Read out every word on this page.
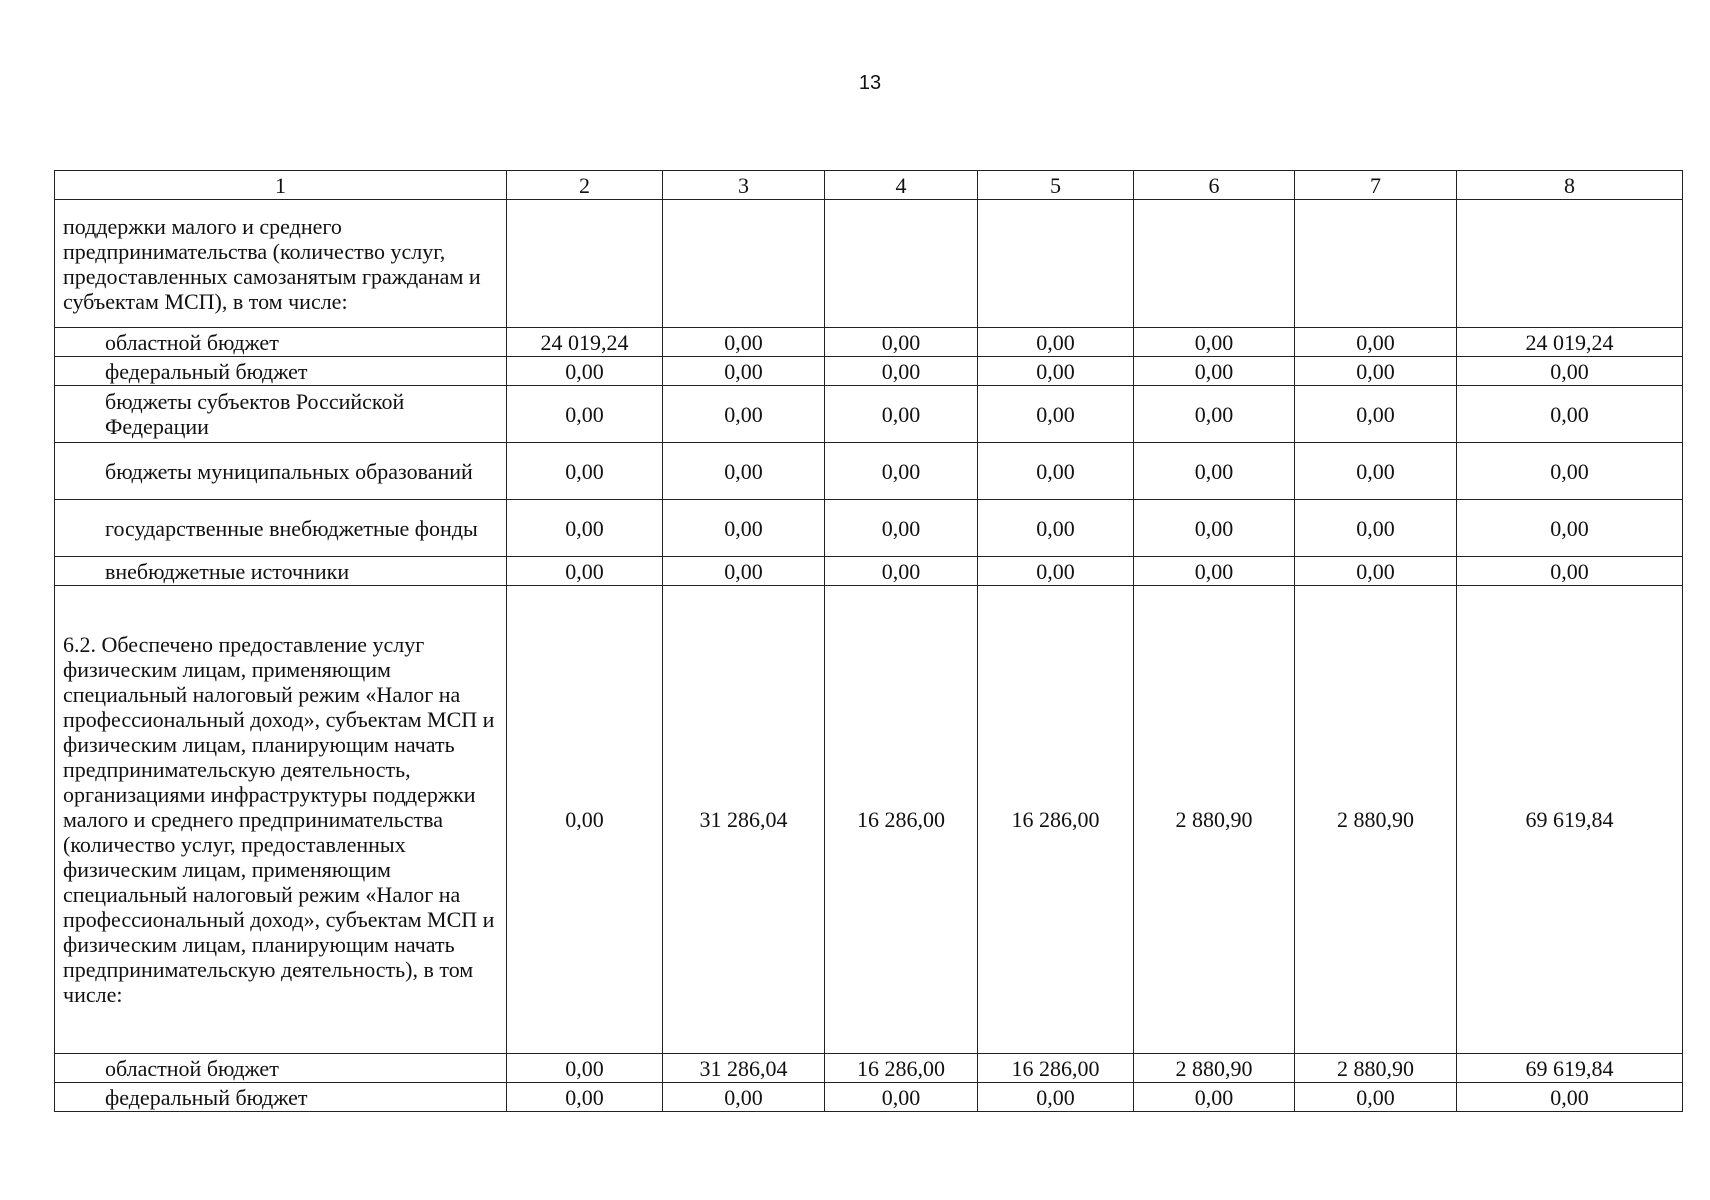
13
1	2	3	4	5	6	7	8
поддержки малого и среднего предпринимательства (количество услуг, предоставленных самозанятым гражданам и субъектам МСП), в том числе:							
областной бюджет	24 019,24	0,00	0,00	0,00	0,00	0,00	24 019,24
федеральный бюджет	0,00	0,00	0,00	0,00	0,00	0,00	0,00
бюджеты субъектов Российской Федерации	0,00	0,00	0,00	0,00	0,00	0,00	0,00
бюджеты муниципальных образований	0,00	0,00	0,00	0,00	0,00	0,00	0,00
государственные внебюджетные фонды	0,00	0,00	0,00	0,00	0,00	0,00	0,00
внебюджетные источники	0,00	0,00	0,00	0,00	0,00	0,00	0,00
6.2. Обеспечено предоставление услуг физическим лицам, применяющим специальный налоговый режим «Налог на профессиональный доход», субъектам МСП и физическим лицам, планирующим начать предпринимательскую деятельность, организациями инфраструктуры поддержки малого и среднего предпринимательства (количество услуг, предоставленных физическим лицам, применяющим специальный налоговый режим «Налог на профессиональный доход», субъектам МСП и физическим лицам, планирующим начать предпринимательскую деятельность), в том числе:	0,00	31 286,04	16 286,00	16 286,00	2 880,90	2 880,90	69 619,84
областной бюджет	0,00	31 286,04	16 286,00	16 286,00	2 880,90	2 880,90	69 619,84
федеральный бюджет	0,00	0,00	0,00	0,00	0,00	0,00	0,00
